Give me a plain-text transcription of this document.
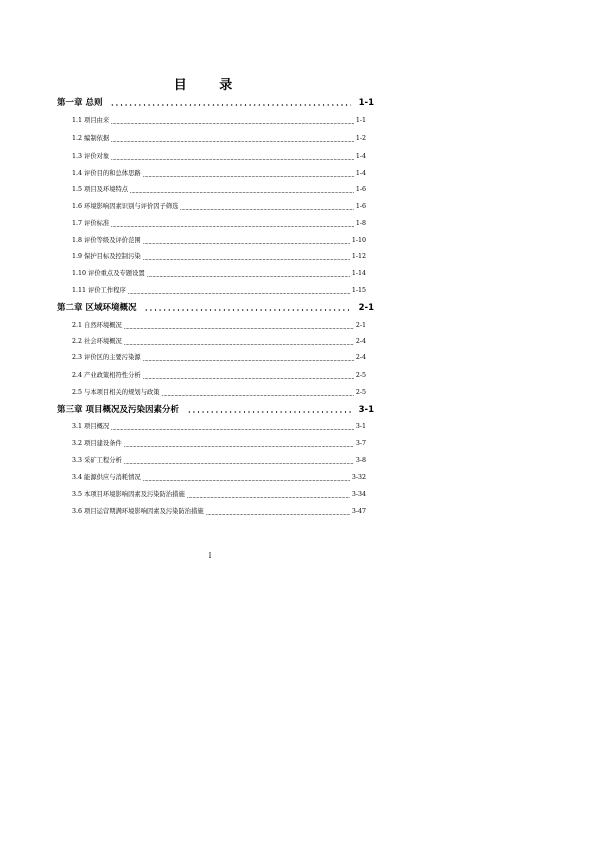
目 录
第一章 总则	1-1
1.1 项目由来	1-1
1.2 编制依据	1-2
1.3 评价对象	1-4
1.4 评价目的和总体思路	1-4
1.5 项目及环境特点	1-6
1.6 环境影响因素识别与评价因子筛选	1-6
1.7 评价标准	1-8
1.8 评价等级及评价范围	1-10
1.9 保护目标及控制污染	1-12
1.10 评价重点及专题设置	1-14
1.11 评价工作程序	1-15
第二章 区域环境概况	2-1
2.1 自然环境概况	2-1
2.2 社会环境概况	2-4
2.3 评价区的主要污染源	2-4
2.4 产业政策相符性分析	2-5
2.5 与本项目相关的规划与政策	2-5
第三章 项目概况及污染因素分析	3-1
3.1 项目概况	3-1
3.2 项目建设条件	3-7
3.3 采矿工程分析	3-8
3.4 能源供应与消耗情况	3-32
3.5 本项目环境影响因素及污染防治措施	3-34
3.6 项目运营期满环境影响因素及污染防治措施	3-47
I
